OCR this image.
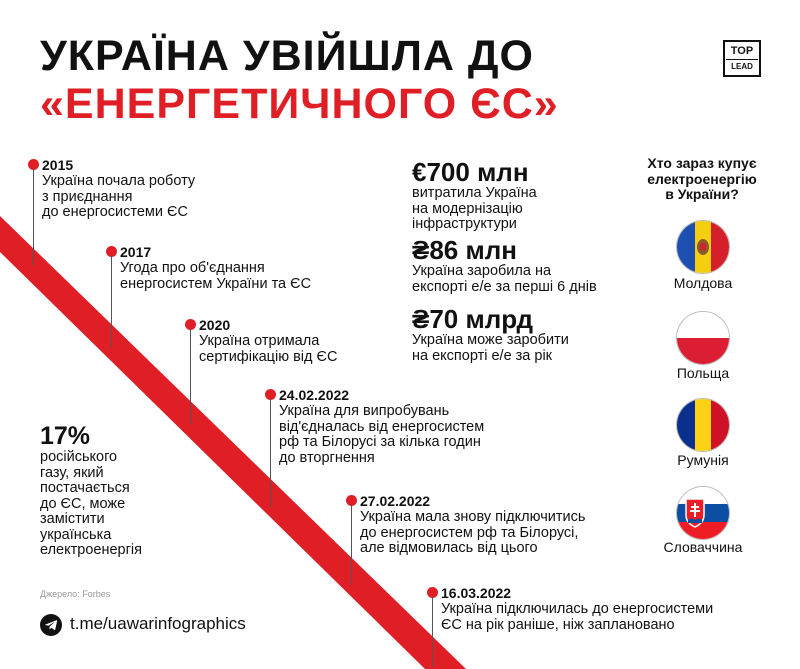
УКРАЇНА УВІЙШЛА ДО
«ЕНЕРГЕТИЧНОГО ЄС»
TOP
LEAD
2015
Україна почала роботу
з приєднання
до енергосистеми ЄС
2017
Угода про об'єднання
енергосистем України та ЄС
2020
Україна отримала
сертифікацію від ЄС
24.02.2022
Україна для випробувань
від'єдналась від енергосистем
рф та Білорусі за кілька годин
до вторгнення
27.02.2022
Україна мала знову підключитись
до енергосистем рф та Білорусі,
але відмовилась від цього
16.03.2022
Україна підключилась до енергосистеми
ЄС на рік раніше, ніж заплановано
€700 млн
витратила Україна
на модернізацію
інфраструктури
₴86 млн
Україна заробила на
експорті е/е за перші 6 днів
₴70 млрд
Україна може заробити
на експорті е/е за рік
17%
російського
газу, який
постачається
до ЄС, може
замістити
українська
електроенергія
Хто зараз купує
електроенергію
в України?
Молдова
Польща
Румунія
Словаччина
Джерело: Forbes
t.me/uawarinfographics
